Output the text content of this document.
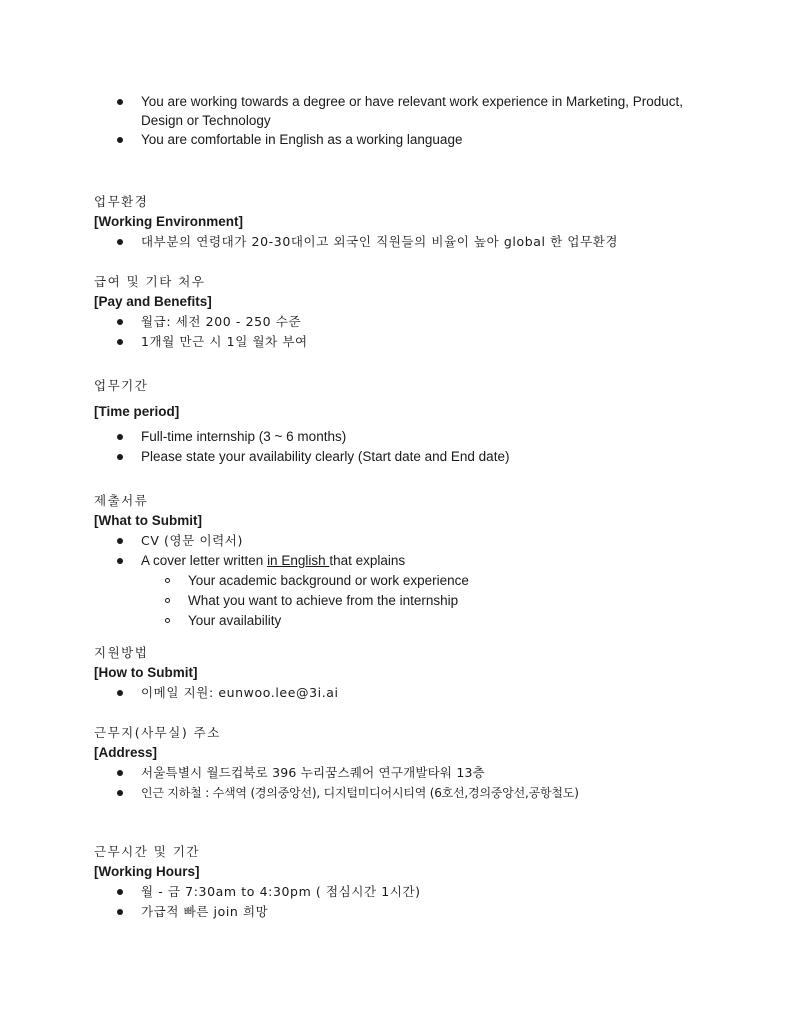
You are working towards a degree or have relevant work experience in Marketing, Product, Design or Technology
You are comfortable in English as a working language

업무환경

[Working Environment]

대부분의 연령대가 20-30대이고 외국인 직원들의 비율이 높아 global 한 업무환경

급여 및 기타 처우

[Pay and Benefits]

월급: 세전 200 - 250 수준
1개월 만근 시 1일 월차 부여

업무기간

[Time period]

Full-time internship (3 ~ 6 months)
Please state your availability clearly (Start date and End date)

제출서류

[What to Submit]

CV (영문 이력서)
A cover letter written in English that explains
Your academic background or work experience
What you want to achieve from the internship
Your availability

지원방법

[How to Submit]

이메일 지원: eunwoo.lee@3i.ai

근무지(사무실) 주소

[Address]

서울특별시 월드컵북로 396 누리꿈스퀘어 연구개발타워 13층
인근 지하철 : 수색역 (경의중앙선), 디지털미디어시티역 (6호선,경의중앙선,공항철도)

근무시간 및 기간

[Working Hours]

월 - 금 7:30am to 4:30pm ( 점심시간 1시간)
가급적 빠른 join 희망
